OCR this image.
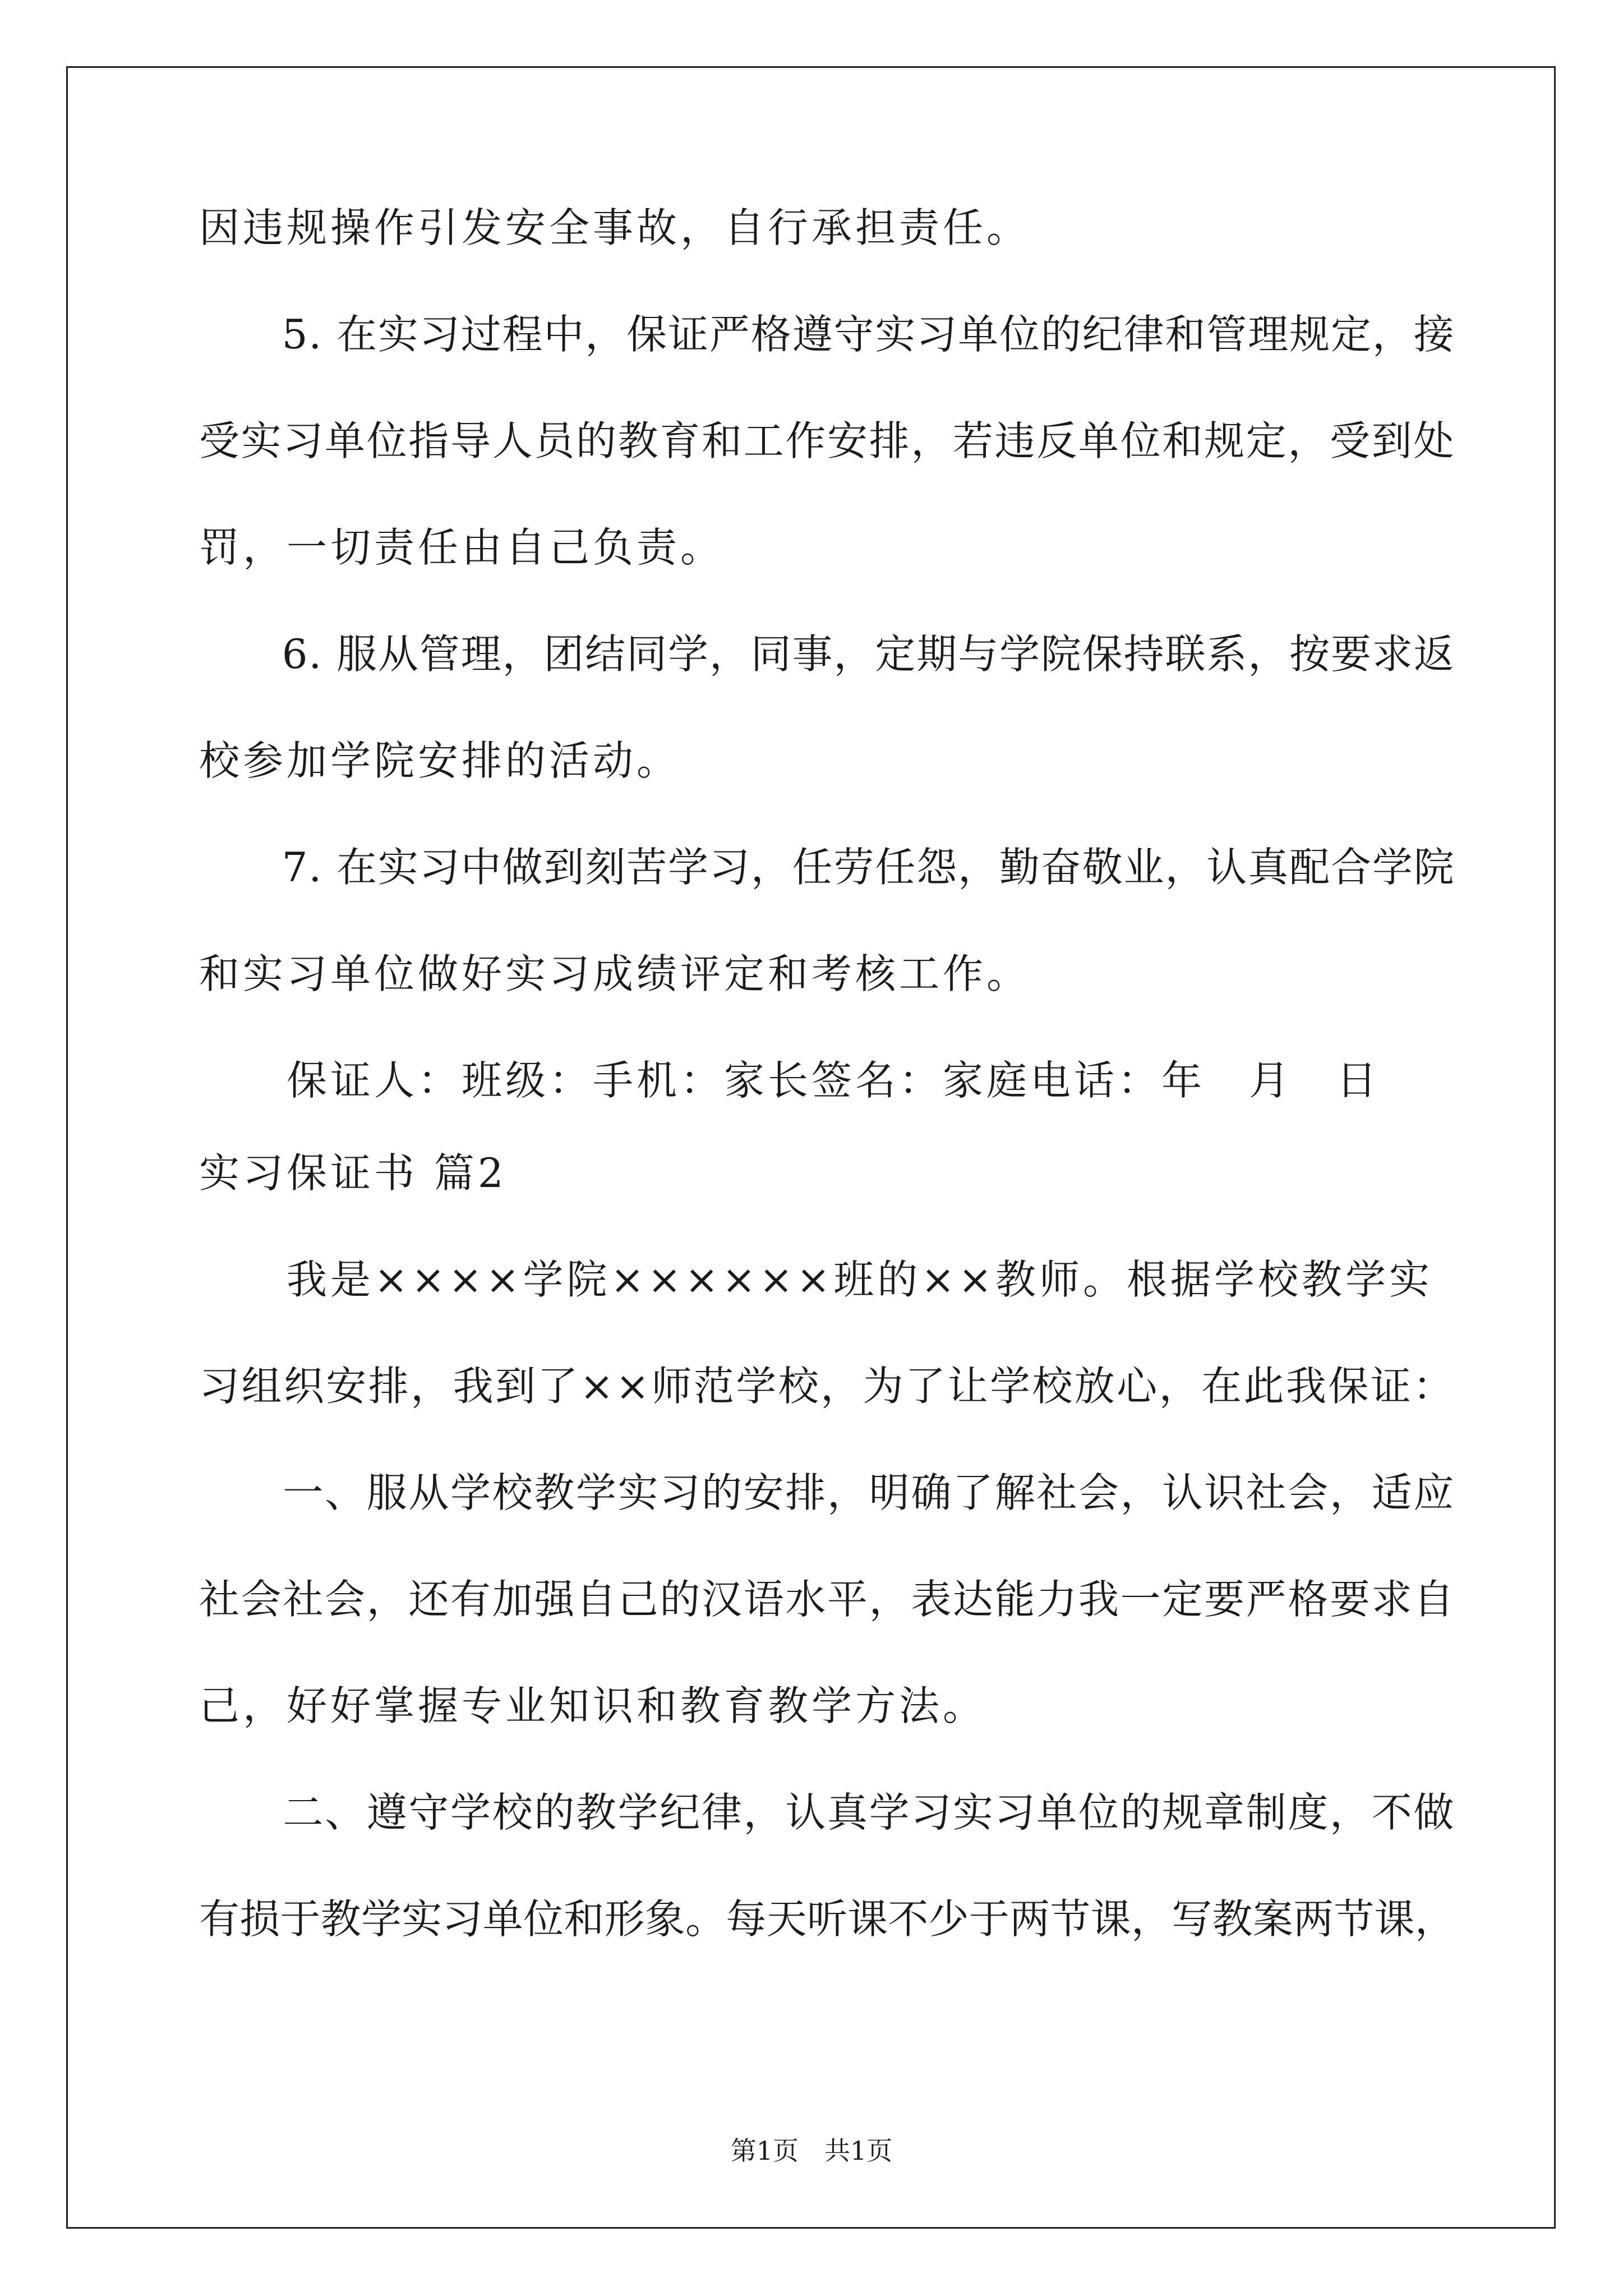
因违规操作引发安全事故，自行承担责任。
　　5. 在实习过程中，保证严格遵守实习单位的纪律和管理规定，接
受实习单位指导人员的教育和工作安排，若违反单位和规定，受到处
罚，一切责任由自己负责。
　　6. 服从管理，团结同学，同事，定期与学院保持联系，按要求返
校参加学院安排的活动。
　　7. 在实习中做到刻苦学习，任劳任怨，勤奋敬业，认真配合学院
和实习单位做好实习成绩评定和考核工作。
　　保证人：班级：手机：家长签名：家庭电话：年　月　日
实习保证书 篇2
　　我是××××学院××××××班的××教师。根据学校教学实
习组织安排，我到了××师范学校，为了让学校放心，在此我保证：
　　一、服从学校教学实习的安排，明确了解社会，认识社会，适应
社会社会，还有加强自己的汉语水平，表达能力我一定要严格要求自
己，好好掌握专业知识和教育教学方法。
　　二、遵守学校的教学纪律，认真学习实习单位的规章制度，不做
有损于教学实习单位和形象。每天听课不少于两节课，写教案两节课，
第1页　共1页
